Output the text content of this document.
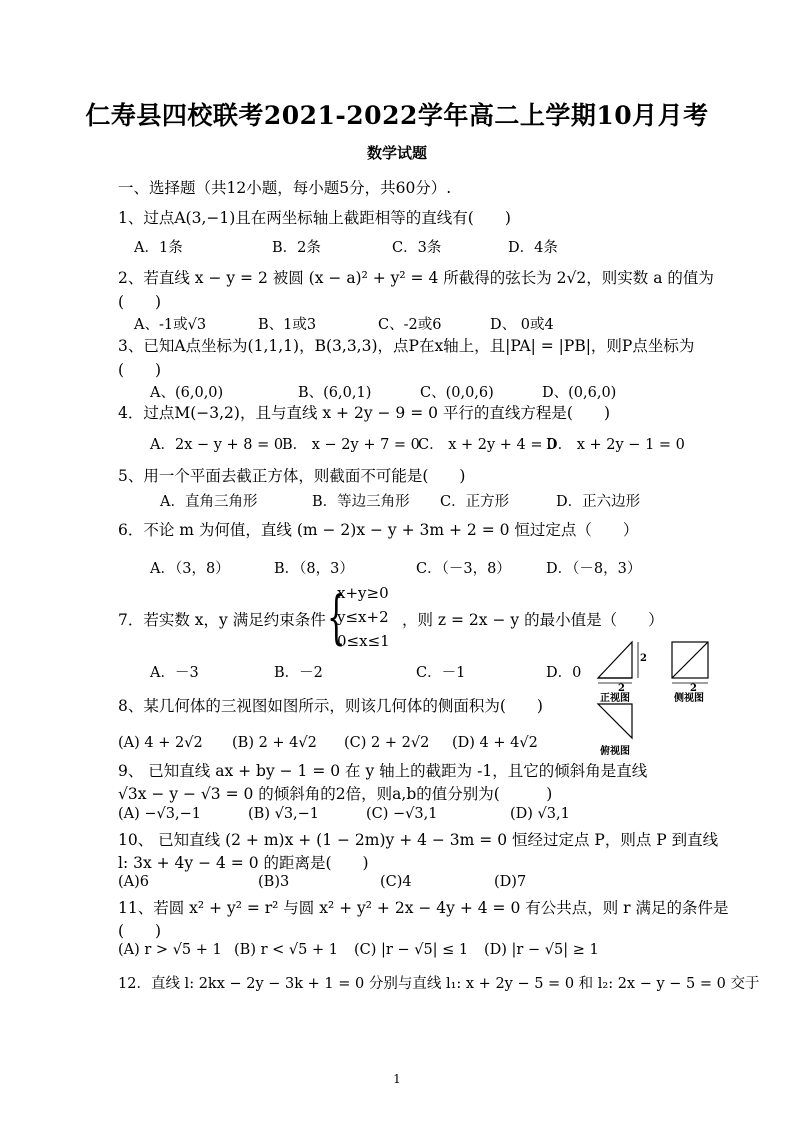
仁寿县四校联考2021-2022学年高二上学期10月月考
数学试题
一、选择题（共12小题，每小题5分，共60分）.
1、过点A(3,−1)且在两坐标轴上截距相等的直线有(　　)
A．1条	B．2条	C．3条	D．4条
2、若直线 x − y = 2 被圆 (x − a)² + y² = 4 所截得的弦长为 2√2，则实数 a 的值为
(　　)
A、-1或√3	B、1或3	C、-2或6	D、 0或4
3、已知A点坐标为(1,1,1)，B(3,3,3)，点P在x轴上，且|PA| = |PB|，则P点坐标为
(　　)
A、(6,0,0)	B、(6,0,1)	C、(0,0,6)	D、(0,6,0)
4．过点M(−3,2)，且与直线 x + 2y − 9 = 0 平行的直线方程是(　　)
A．2x − y + 8 = 0
B． x − 2y + 7 = 0
C． x + 2y + 4 = 0
D． x + 2y − 1 = 0
5、用一个平面去截正方体，则截面不可能是(　　)
A．直角三角形	B．等边三角形 C．正方形	D．正六边形
6．不论 m 为何值，直线 (m − 2)x − y + 3m + 2 = 0 恒过定点（　　）
A．（3，8）	B．（8，3）	C．（－3，8） D．（－8，3）
7．若实数 x，y 满足约束条件 {
x+y≥0
y≤x+2
0≤x≤1
，则 z = 2x − y 的最小值是（　　）
A．－3	B．－2	C．－1	D．0
2
2
2
正视图	侧视图
俯视图
8、某几何体的三视图如图所示，则该几何体的侧面积为(　　)
(A) 4 + 2√2 (B) 2 + 4√2 (C) 2 + 2√2 (D) 4 + 4√2
9、 已知直线 ax + by − 1 = 0 在 y 轴上的截距为 -1，且它的倾斜角是直线
√3x − y − √3 = 0 的倾斜角的2倍，则a,b的值分别为(　　　)
(A) −√3,−1	(B) √3,−1	(C) −√3,1	(D) √3,1
10、 已知直线 (2 + m)x + (1 − 2m)y + 4 − 3m = 0 恒经过定点 P，则点 P 到直线
l: 3x + 4y − 4 = 0 的距离是(　　)
(A)6	(B)3	(C)4	(D)7
11、若圆 x² + y² = r² 与圆 x² + y² + 2x − 4y + 4 = 0 有公共点，则 r 满足的条件是
(　　)
(A) r > √5 + 1 (B) r < √5 + 1 (C) |r − √5| ≤ 1 (D) |r − √5| ≥ 1
12．直线 l: 2kx − 2y − 3k + 1 = 0 分别与直线 l₁: x + 2y − 5 = 0 和 l₂: 2x − y − 5 = 0 交于
1
